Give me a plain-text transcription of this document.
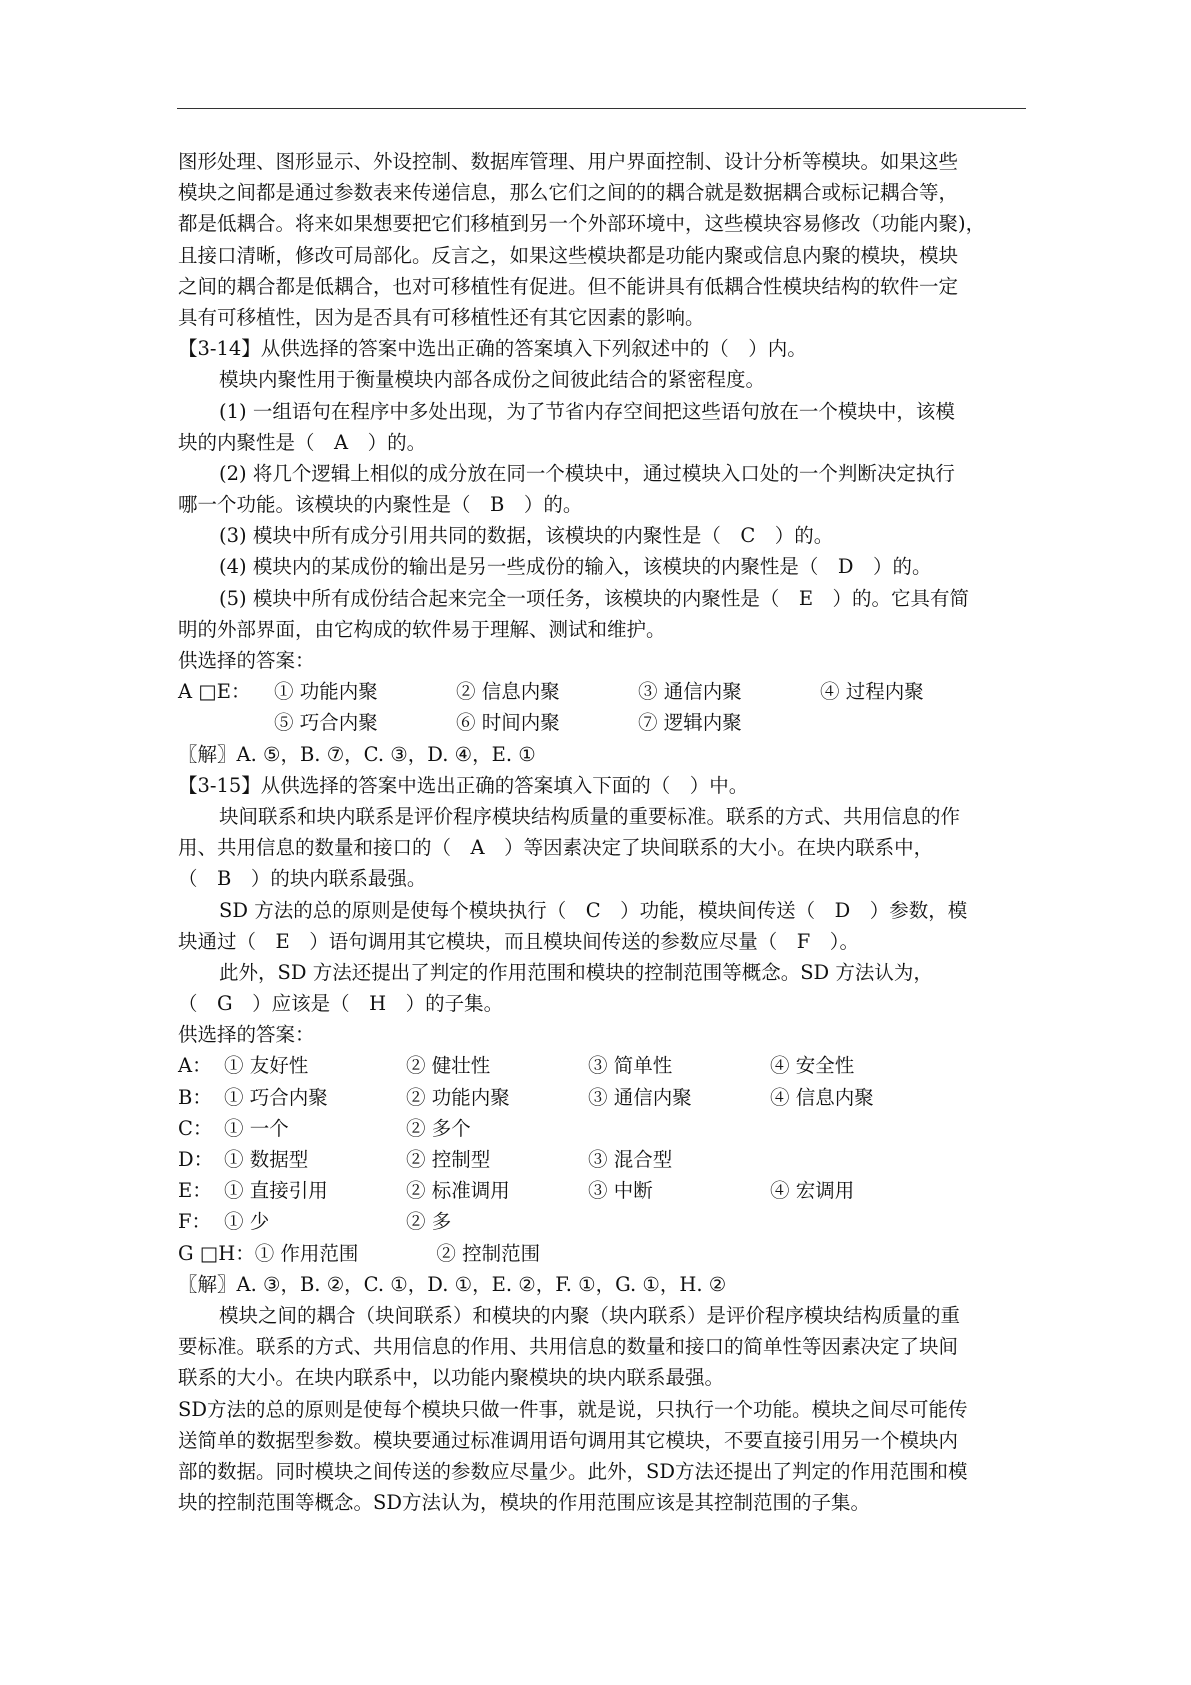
图形处理、图形显示、外设控制、数据库管理、用户界面控制、设计分析等模块。如果这些
模块之间都是通过参数表来传递信息，那么它们之间的的耦合就是数据耦合或标记耦合等，
都是低耦合。将来如果想要把它们移植到另一个外部环境中，这些模块容易修改（功能内聚)，
且接口清晰，修改可局部化。反言之，如果这些模块都是功能内聚或信息内聚的模块，模块
之间的耦合都是低耦合，也对可移植性有促进。但不能讲具有低耦合性模块结构的软件一定
具有可移植性，因为是否具有可移植性还有其它因素的影响。
【3-14】从供选择的答案中选出正确的答案填入下列叙述中的（　）内。
模块内聚性用于衡量模块内部各成份之间彼此结合的紧密程度。
(1) 一组语句在程序中多处出现，为了节省内存空间把这些语句放在一个模块中，该模
块的内聚性是（　A　）的。
(2) 将几个逻辑上相似的成分放在同一个模块中，通过模块入口处的一个判断决定执行
哪一个功能。该模块的内聚性是（　B　）的。
(3) 模块中所有成分引用共同的数据，该模块的内聚性是（　C　）的。
(4) 模块内的某成份的输出是另一些成份的输入，该模块的内聚性是（　D　）的。
(5) 模块中所有成份结合起来完全一项任务，该模块的内聚性是（　E　）的。它具有简
明的外部界面，由它构成的软件易于理解、测试和维护。
供选择的答案：
A □E：	① 功能内聚	② 信息内聚	③ 通信内聚	④ 过程内聚
⑤ 巧合内聚	⑥ 时间内聚	⑦ 逻辑内聚
〖解〗A. ⑤，B. ⑦，C. ③，D. ④，E. ①
【3-15】从供选择的答案中选出正确的答案填入下面的（　）中。
块间联系和块内联系是评价程序模块结构质量的重要标准。联系的方式、共用信息的作
用、共用信息的数量和接口的（　A　）等因素决定了块间联系的大小。在块内联系中，
（　B　）的块内联系最强。
SD 方法的总的原则是使每个模块执行（　C　）功能，模块间传送（　D　）参数，模
块通过（　E　）语句调用其它模块，而且模块间传送的参数应尽量（　F　）。
此外，SD 方法还提出了判定的作用范围和模块的控制范围等概念。SD 方法认为，
（　G　）应该是（　H　）的子集。
供选择的答案：
A： ① 友好性	② 健壮性	③ 简单性	④ 安全性
B： ① 巧合内聚	② 功能内聚	③ 通信内聚	④ 信息内聚
C： ① 一个	② 多个
D： ① 数据型	② 控制型	③ 混合型
E： ① 直接引用	② 标准调用	③ 中断	④ 宏调用
F： ① 少	② 多
G □H：① 作用范围　　　　② 控制范围
〖解〗A. ③，B. ②，C. ①，D. ①，E. ②，F. ①，G. ①，H. ②
模块之间的耦合（块间联系）和模块的内聚（块内联系）是评价程序模块结构质量的重
要标准。联系的方式、共用信息的作用、共用信息的数量和接口的简单性等因素决定了块间
联系的大小。在块内联系中，以功能内聚模块的块内联系最强。
SD方法的总的原则是使每个模块只做一件事，就是说，只执行一个功能。模块之间尽可能传
送简单的数据型参数。模块要通过标准调用语句调用其它模块，不要直接引用另一个模块内
部的数据。同时模块之间传送的参数应尽量少。此外，SD方法还提出了判定的作用范围和模
块的控制范围等概念。SD方法认为，模块的作用范围应该是其控制范围的子集。
